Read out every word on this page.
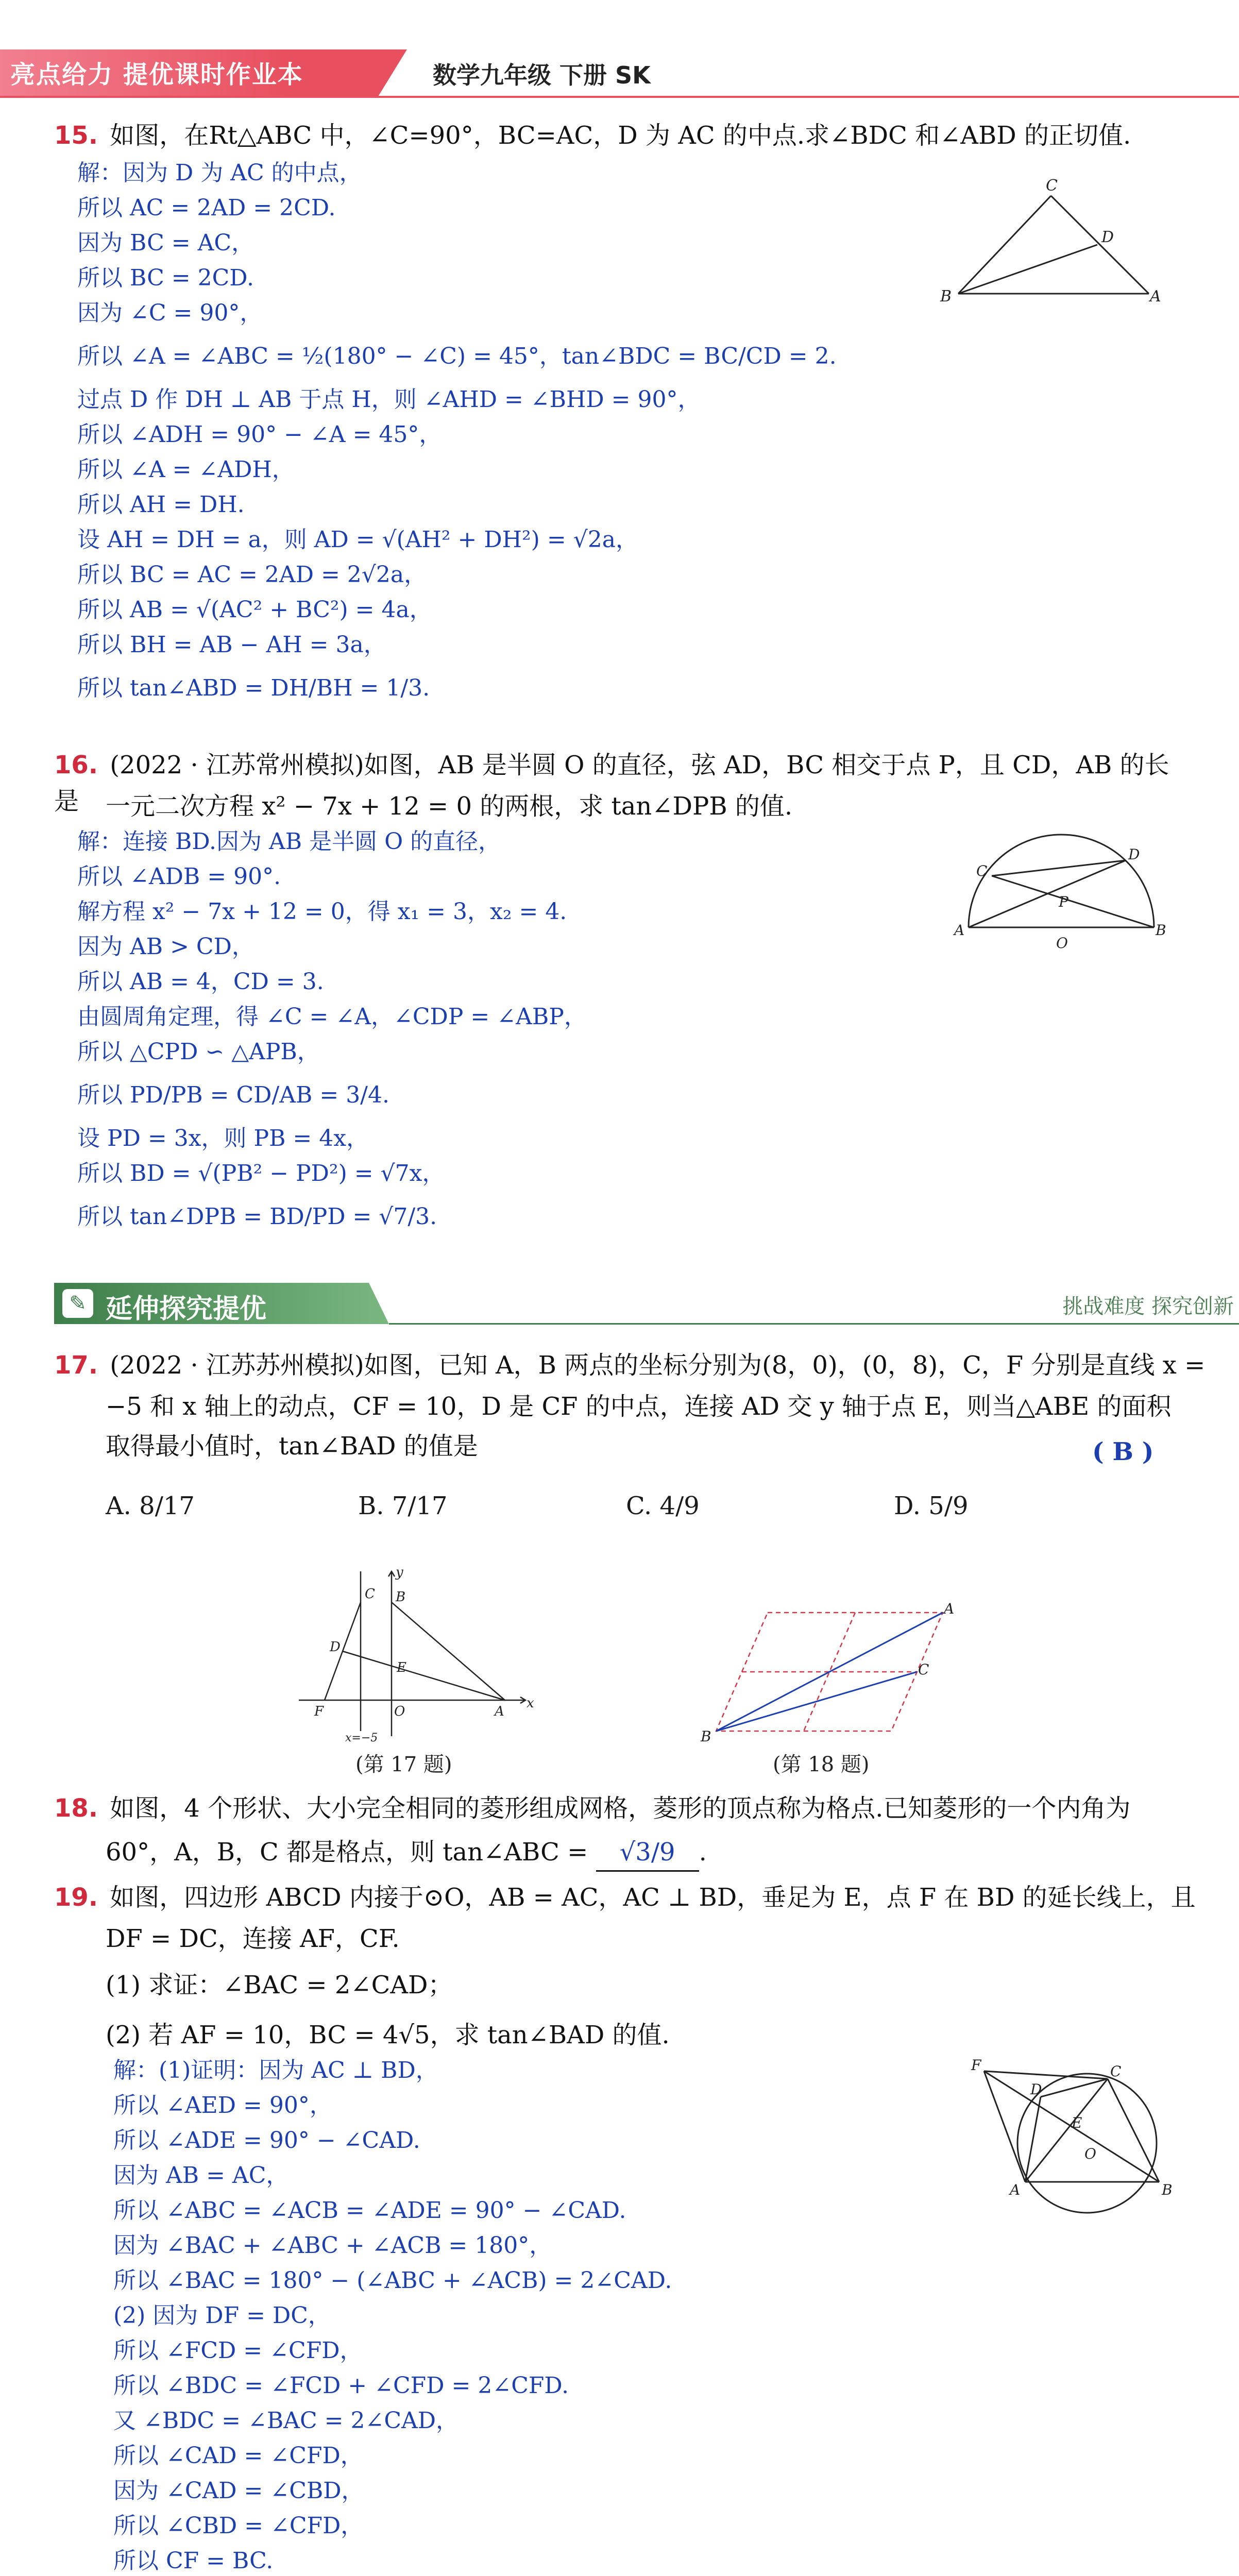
亮点给力 提优课时作业本	数学九年级 下册 SK
15. 如图，在Rt△ABC 中，∠C=90°，BC=AC，D 为 AC 的中点.求∠BDC 和∠ABD 的正切值.
解：因为 D 为 AC 的中点，
所以 AC = 2AD = 2CD.
因为 BC = AC，
所以 BC = 2CD.
因为 ∠C = 90°，
所以 ∠A = ∠ABC = ½(180° − ∠C) = 45°，tan∠BDC = BC/CD = 2.
过点 D 作 DH ⊥ AB 于点 H，则 ∠AHD = ∠BHD = 90°，
所以 ∠ADH = 90° − ∠A = 45°，
所以 ∠A = ∠ADH，
所以 AH = DH.
设 AH = DH = a，则 AD = √(AH² + DH²) = √2a，
所以 BC = AC = 2AD = 2√2a，
所以 AB = √(AC² + BC²) = 4a，
所以 BH = AB − AH = 3a，
所以 tan∠ABD = DH/BH = 1/3.
B	A
C
D
16. (2022 · 江苏常州模拟)如图，AB 是半圆 O 的直径，弦 AD，BC 相交于点 P，且 CD，AB 的长是	一元二次方程 x² − 7x + 12 = 0 的两根，求 tan∠DPB 的值.
解：连接 BD.因为 AB 是半圆 O 的直径，
所以 ∠ADB = 90°.
解方程 x² − 7x + 12 = 0，得 x₁ = 3，x₂ = 4.
因为 AB > CD，
所以 AB = 4，CD = 3.
由圆周角定理，得 ∠C = ∠A，∠CDP = ∠ABP，
所以 △CPD ∽ △APB，
所以 PD/PB = CD/AB = 3/4.
设 PD = 3x，则 PB = 4x，
所以 BD = √(PB² − PD²) = √7x，
所以 tan∠DPB = BD/PD = √7/3.
A	B
C
D
O
P
✎ 延伸探究提优	挑战难度 探究创新
17. (2022 · 江苏苏州模拟)如图，已知 A，B 两点的坐标分别为(8，0)，(0，8)，C，F 分别是直线 x =
−5 和 x 轴上的动点，CF = 10，D 是 CF 的中点，连接 AD 交 y 轴于点 E，则当△ABE 的面积
取得最小值时，tan∠BAD 的值是	( B )
A. 8/17	B. 7/17	C. 4/9	D. 5/9
y
x
O
C B
D
E
A
F
x=−5
(第 17 题)
B
A
C
(第 18 题)
18. 如图，4 个形状、大小完全相同的菱形组成网格，菱形的顶点称为格点.已知菱形的一个内角为
60°，A，B，C 都是格点，则 tan∠ABC = √3/9 .
19. 如图，四边形 ABCD 内接于⊙O，AB = AC，AC ⊥ BD，垂足为 E，点 F 在 BD 的延长线上，且
DF = DC，连接 AF，CF.
(1) 求证：∠BAC = 2∠CAD；
(2) 若 AF = 10，BC = 4√5，求 tan∠BAD 的值.
解：(1)证明：因为 AC ⊥ BD，
所以 ∠AED = 90°，
所以 ∠ADE = 90° − ∠CAD.
因为 AB = AC，
所以 ∠ABC = ∠ACB = ∠ADE = 90° − ∠CAD.
因为 ∠BAC + ∠ABC + ∠ACB = 180°，
所以 ∠BAC = 180° − (∠ABC + ∠ACB) = 2∠CAD.
(2) 因为 DF = DC，
所以 ∠FCD = ∠CFD，
所以 ∠BDC = ∠FCD + ∠CFD = 2∠CFD.
又 ∠BDC = ∠BAC = 2∠CAD，
所以 ∠CAD = ∠CFD，
因为 ∠CAD = ∠CBD，
所以 ∠CBD = ∠CFD，
所以 CF = BC.
F
D
C
E
O
A	B
